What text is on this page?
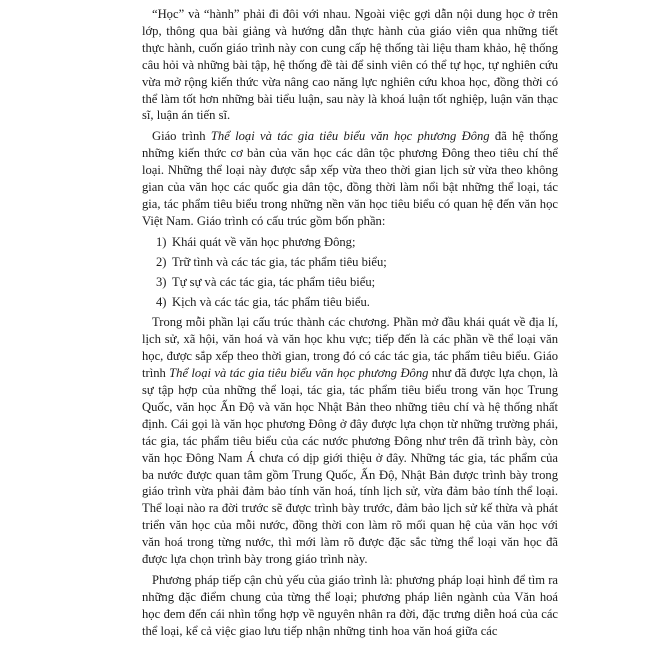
“Học” và “hành” phải đi đôi với nhau. Ngoài việc gợi dẫn nội dung học ở trên lớp, thông qua bài giảng và hướng dẫn thực hành của giáo viên qua những tiết thực hành, cuốn giáo trình này con cung cấp hệ thống tài liệu tham khảo, hệ thống câu hỏi và những bài tập, hệ thống đề tài để sinh viên có thể tự học, tự nghiên cứu vừa mở rộng kiến thức vừa nâng cao năng lực nghiên cứu khoa học, đồng thời có thể làm tốt hơn những bài tiểu luận, sau này là khoá luận tốt nghiệp, luận văn thạc sĩ, luận án tiến sĩ.

Giáo trình Thể loại và tác gia tiêu biểu văn học phương Đông đã hệ thống những kiến thức cơ bản của văn học các dân tộc phương Đông theo tiêu chí thể loại. Những thể loại này được sắp xếp vừa theo thời gian lịch sử vừa theo không gian của văn học các quốc gia dân tộc, đồng thời làm nổi bật những thể loại, tác gia, tác phẩm tiêu biểu trong những nền văn học tiêu biểu có quan hệ đến văn học Việt Nam. Giáo trình có cấu trúc gồm bốn phần:

1) Khái quát về văn học phương Đông;
2) Trữ tình và các tác gia, tác phẩm tiêu biểu;
3) Tự sự và các tác gia, tác phẩm tiêu biểu;
4) Kịch và các tác gia, tác phẩm tiêu biểu.

Trong mỗi phần lại cấu trúc thành các chương. Phần mở đầu khái quát về địa lí, lịch sử, xã hội, văn hoá và văn học khu vực; tiếp đến là các phần về thể loại văn học, được sắp xếp theo thời gian, trong đó có các tác gia, tác phẩm tiêu biểu. Giáo trình Thể loại và tác gia tiêu biểu văn học phương Đông như đã được lựa chọn, là sự tập hợp của những thể loại, tác gia, tác phẩm tiêu biểu trong văn học Trung Quốc, văn học Ấn Độ và văn học Nhật Bản theo những tiêu chí và hệ thống nhất định. Cái gọi là văn học phương Đông ở đây được lựa chọn từ những trường phái, tác gia, tác phẩm tiêu biểu của các nước phương Đông như trên đã trình bày, còn văn học Đông Nam Á chưa có dịp giới thiệu ở đây. Những tác gia, tác phẩm của ba nước được quan tâm gồm Trung Quốc, Ấn Độ, Nhật Bản được trình bày trong giáo trình vừa phải đảm bảo tính văn hoá, tính lịch sử, vừa đảm bảo tính thể loại. Thể loại nào ra đời trước sẽ được trình bày trước, đảm bảo lịch sử kế thừa và phát triển văn học của mỗi nước, đồng thời con làm rõ mối quan hệ của văn học với văn hoá trong từng nước, thì mới làm rõ được đặc sắc từng thể loại văn học đã được lựa chọn trình bày trong giáo trình này.

Phương pháp tiếp cận chủ yếu của giáo trình là: phương pháp loại hình để tìm ra những đặc điểm chung của từng thể loại; phương pháp liên ngành của Văn hoá học đem đến cái nhìn tổng hợp về nguyên nhân ra đời, đặc trưng diễn hoá của các thể loại, kể cả việc giao lưu tiếp nhận những tinh hoa văn hoá giữa các
